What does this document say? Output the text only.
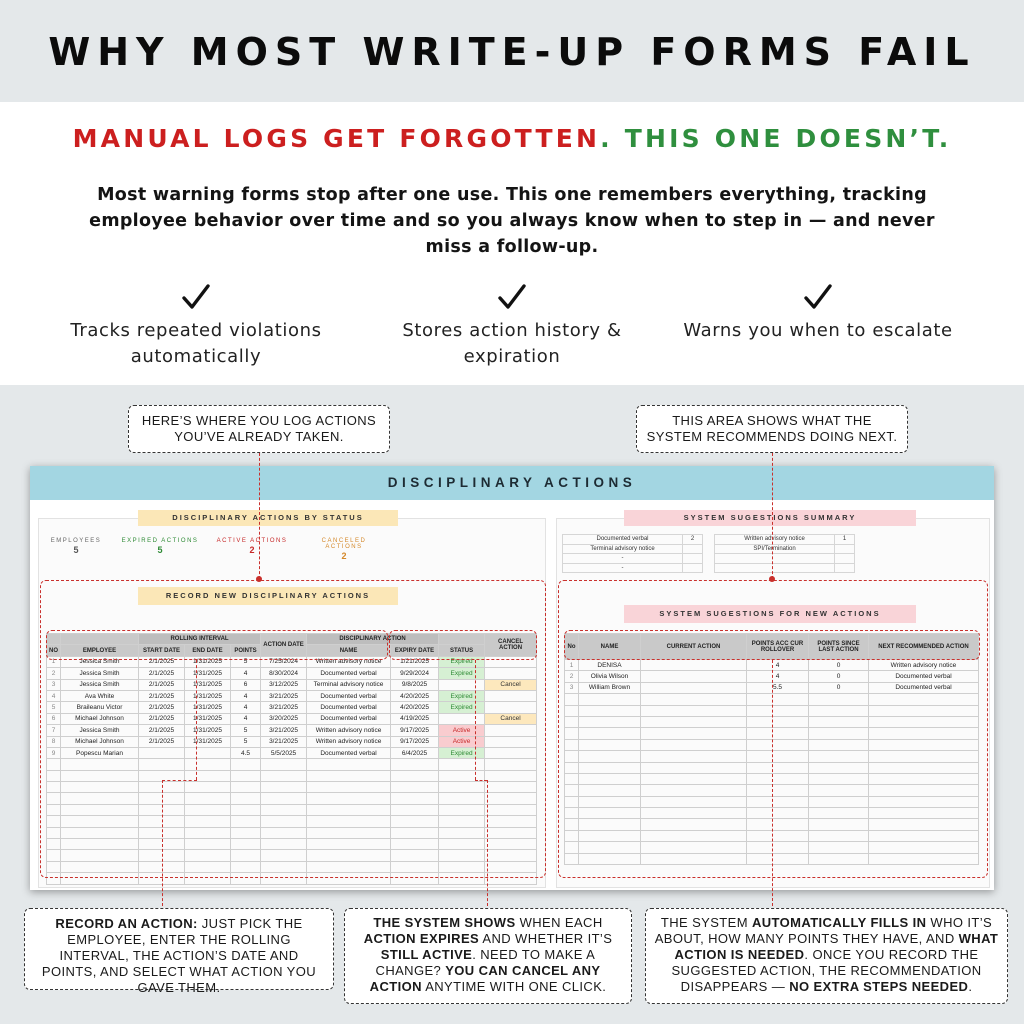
WHY MOST WRITE-UP FORMS FAIL
MANUAL LOGS GET FORGOTTEN. THIS ONE DOESN’T.
Most warning forms stop after one use. This one remembers everything, tracking employee behavior over time and so you always know when to step in — and never miss a follow-up.
Tracks repeated violations automatically
Stores action history & expiration
Warns you when to escalate
HERE’S WHERE YOU LOG ACTIONS YOU’VE ALREADY TAKEN.
THIS AREA SHOWS WHAT THE SYSTEM RECOMMENDS DOING NEXT.
DISCIPLINARY ACTIONS
DISCIPLINARY ACTIONS BY STATUS
EMPLOYEES
5
EXPIRED ACTIONS
5
ACTIVE ACTIONS
2
CANCELED ACTIONS
2
SYSTEM SUGESTIONS SUMMARY
Documented verbal	2
Terminal advisory notice	
-	
-	
Written advisory notice	1
SPI/Termination	

RECORD NEW DISCIPLINARY ACTIONS
SYSTEM SUGESTIONS FOR NEW ACTIONS
		ROLLING INTERVAL			ACTION DATE	DISCIPLINARY ACTION			CANCEL ACTION
NO	EMPLOYEE	START DATE	END DATE	POINTS		NAME	EXPIRY DATE	STATUS	
1	Jessica Smith	2/1/2025	1/31/2025	5	7/25/2024	Written advisory notice	1/21/2025	Expired	
2	Jessica Smith	2/1/2025	1/31/2025	4	8/30/2024	Documented verbal	9/29/2024	Expired	
3	Jessica Smith	2/1/2025	1/31/2025	6	3/12/2025	Terminal advisory notice	9/8/2025		Cancel
4	Ava White	2/1/2025	1/31/2025	4	3/21/2025	Documented verbal	4/20/2025	Expired	
5	Braileanu Victor	2/1/2025	1/31/2025	4	3/21/2025	Documented verbal	4/20/2025	Expired	
6	Michael Johnson	2/1/2025	1/31/2025	4	3/20/2025	Documented verbal	4/19/2025		Cancel
7	Jessica Smith	2/1/2025	1/31/2025	5	3/21/2025	Written advisory notice	9/17/2025	Active	
8	Michael Johnson	2/1/2025	1/31/2025	5	3/21/2025	Written advisory notice	9/17/2025	Active	
9	Popescu Marian			4.5	5/5/2025	Documented verbal	6/4/2025	Expired	

No	NAME	CURRENT ACTION	POINTS ACC CUR ROLLOVER	POINTS SINCE LAST ACTION	NEXT RECOMMENDED ACTION
1	DENISA		4	0	Written advisory notice
2	Olivia Wilson		4	0	Documented verbal
3	William Brown		5.5	0	Documented verbal

RECORD AN ACTION: JUST PICK THE EMPLOYEE, ENTER THE ROLLING INTERVAL, THE ACTION’S DATE AND POINTS, AND SELECT WHAT ACTION YOU GAVE THEM.
THE SYSTEM SHOWS WHEN EACH ACTION EXPIRES AND WHETHER IT’S STILL ACTIVE. NEED TO MAKE A CHANGE? YOU CAN CANCEL ANY ACTION ANYTIME WITH ONE CLICK.
THE SYSTEM AUTOMATICALLY FILLS IN WHO IT’S ABOUT, HOW MANY POINTS THEY HAVE, AND WHAT ACTION IS NEEDED. ONCE YOU RECORD THE SUGGESTED ACTION, THE RECOMMENDATION DISAPPEARS — NO EXTRA STEPS NEEDED.
